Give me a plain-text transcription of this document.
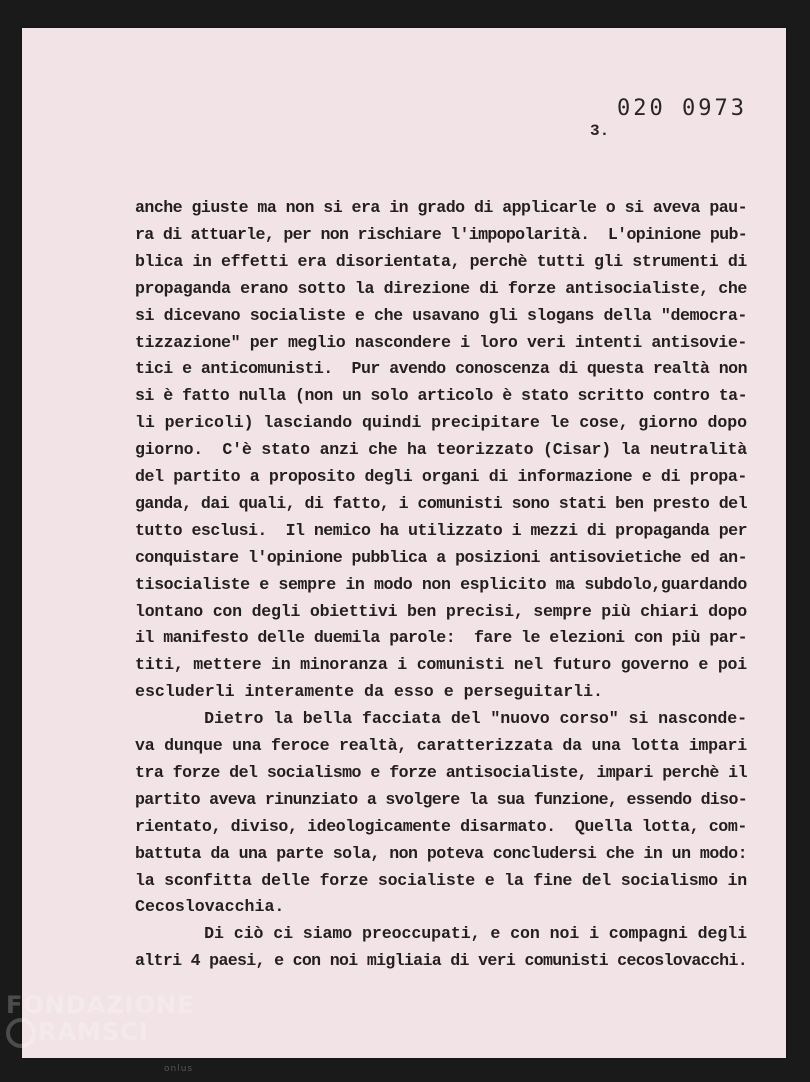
020 0973
3.
anche giuste ma non si era in grado di applicarle o si aveva pau-
ra di attuarle, per non rischiare l'impopolarità.  L'opinione pub-
blica in effetti era disorientata, perchè tutti gli strumenti di
propaganda erano sotto la direzione di forze antisocialiste, che
si dicevano socialiste e che usavano gli slogans della "democra-
tizzazione" per meglio nascondere i loro veri intenti antisovie-
tici e anticomunisti.  Pur avendo conoscenza di questa realtà non
si è fatto nulla (non un solo articolo è stato scritto contro ta-
li pericoli) lasciando quindi precipitare le cose, giorno dopo
giorno.  C'è stato anzi che ha teorizzato (Cisar) la neutralità
del partito a proposito degli organi di informazione e di propa-
ganda, dai quali, di fatto, i comunisti sono stati ben presto del
tutto esclusi.  Il nemico ha utilizzato i mezzi di propaganda per
conquistare l'opinione pubblica a posizioni antisovietiche ed an-
tisocialiste e sempre in modo non esplicito ma subdolo,guardando
lontano con degli obiettivi ben precisi, sempre più chiari dopo
il manifesto delle duemila parole:  fare le elezioni con più par-
titi, mettere in minoranza i comunisti nel futuro governo e poi
escluderli interamente da esso e perseguitarli.
Dietro la bella facciata del "nuovo corso" si nasconde-
va dunque una feroce realtà, caratterizzata da una lotta impari
tra forze del socialismo e forze antisocialiste, impari perchè il
partito aveva rinunziato a svolgere la sua funzione, essendo diso-
rientato, diviso, ideologicamente disarmato.  Quella lotta, com-
battuta da una parte sola, non poteva concludersi che in un modo:
la sconfitta delle forze socialiste e la fine del socialismo in
Cecoslovacchia.
Di ciò ci siamo preoccupati, e con noi i compagni degli
altri 4 paesi, e con noi migliaia di veri comunisti cecoslovacchi.
FONDAZIONE
RAMSCI
onlus
